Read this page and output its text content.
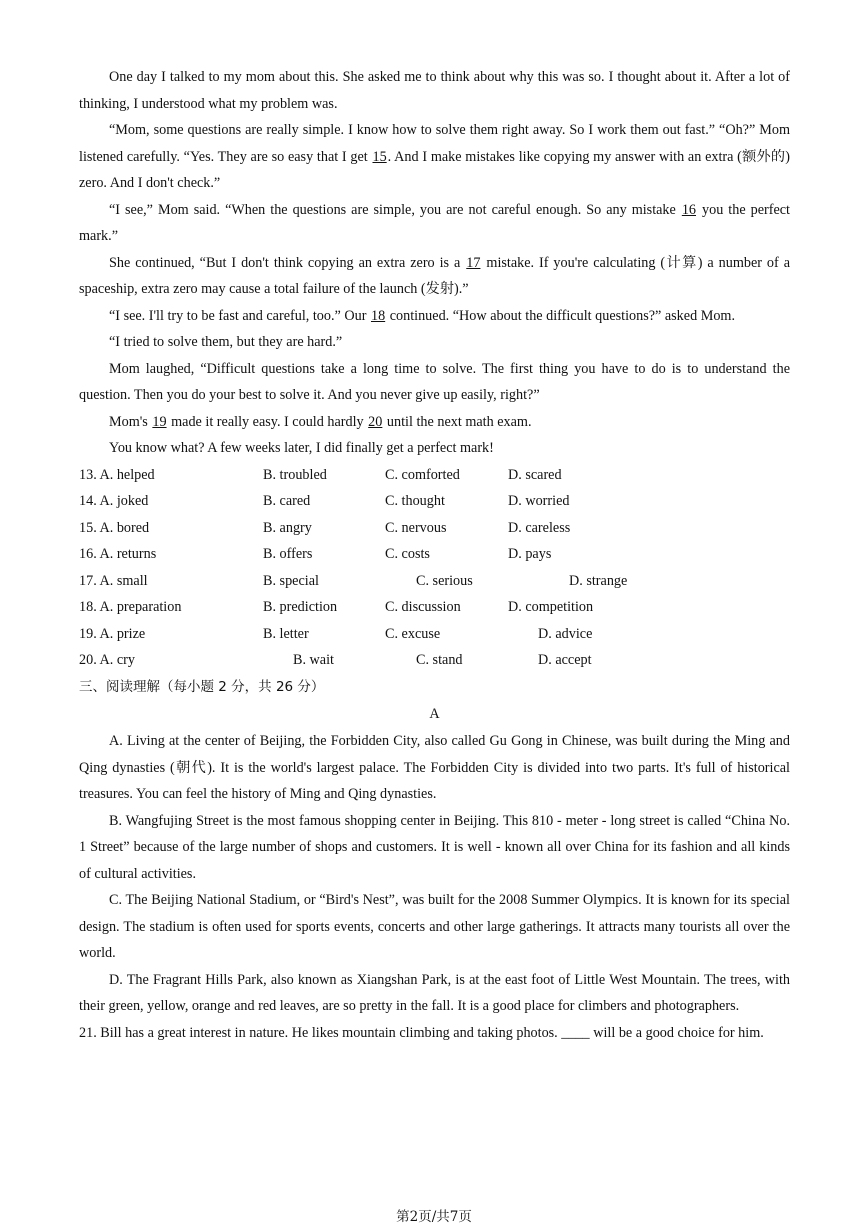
One day I talked to my mom about this. She asked me to think about why this was so. I thought about it. After a lot of thinking, I understood what my problem was.

“Mom, some questions are really simple. I know how to solve them right away. So I work them out fast.” “Oh?” Mom listened carefully. “Yes. They are so easy that I get 15. And I make mistakes like copying my answer with an extra (额外的) zero. And I don't check.”

“I see,” Mom said. “When the questions are simple, you are not careful enough. So any mistake 16 you the perfect mark.”

She continued, “But I don't think copying an extra zero is a 17 mistake. If you're calculating (计算) a number of a spaceship, extra zero may cause a total failure of the launch (发射).”

“I see. I'll try to be fast and careful, too.” Our 18 continued. “How about the difficult questions?” asked Mom.

“I tried to solve them, but they are hard.”

Mom laughed, “Difficult questions take a long time to solve. The first thing you have to do is to understand the question. Then you do your best to solve it. And you never give up easily, right?”

Mom's 19 made it really easy. I could hardly 20 until the next math exam.

You know what? A few weeks later, I did finally get a perfect mark!

13. A. helped	B. troubled	C. comforted	D. scared
14. A. joked	B. cared	C. thought	D. worried
15. A. bored	B. angry	C. nervous	D. careless
16. A. returns	B. offers	C. costs	D. pays
17. A. small	B. special	C. serious	D. strange
18. A. preparation	B. prediction	C. discussion	D. competition
19. A. prize	B. letter	C. excuse	D. advice
20. A. cry	B. wait	C. stand	D. accept

三、阅读理解（每小题 2 分，共 26 分）

A

A. Living at the center of Beijing, the Forbidden City, also called Gu Gong in Chinese, was built during the Ming and Qing dynasties (朝代). It is the world's largest palace. The Forbidden City is divided into two parts. It's full of historical treasures. You can feel the history of Ming and Qing dynasties.

B. Wangfujing Street is the most famous shopping center in Beijing. This 810 - meter - long street is called “China No. 1 Street” because of the large number of shops and customers. It is well - known all over China for its fashion and all kinds of cultural activities.

C. The Beijing National Stadium, or “Bird's Nest”, was built for the 2008 Summer Olympics. It is known for its special design. The stadium is often used for sports events, concerts and other large gatherings. It attracts many tourists all over the world.

D. The Fragrant Hills Park, also known as Xiangshan Park, is at the east foot of Little West Mountain. The trees, with their green, yellow, orange and red leaves, are so pretty in the fall. It is a good place for climbers and photographers.

21. Bill has a great interest in nature. He likes mountain climbing and taking photos. ____ will be a good choice for him.

第2页/共7页
